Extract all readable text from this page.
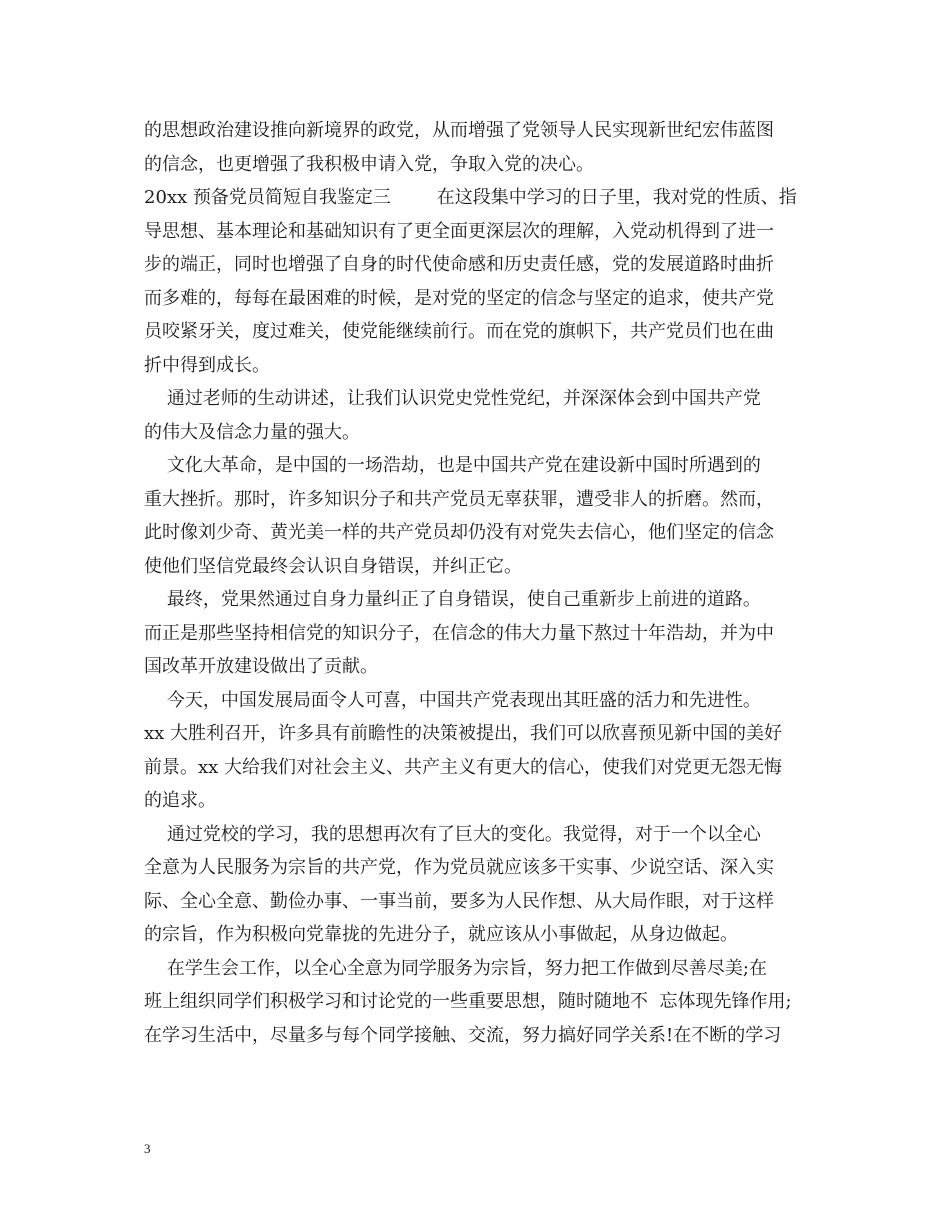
的思想政治建设推向新境界的政党，从而增强了党领导人民实现新世纪宏伟蓝图
的信念，也更增强了我积极申请入党，争取入党的决心。
20xx 预备党员简短自我鉴定三        在这段集中学习的日子里，我对党的性质、指
导思想、基本理论和基础知识有了更全面更深层次的理解，入党动机得到了进一
步的端正，同时也增强了自身的时代使命感和历史责任感，党的发展道路时曲折
而多难的，每每在最困难的时候，是对党的坚定的信念与坚定的追求，使共产党
员咬紧牙关，度过难关，使党能继续前行。而在党的旗帜下，共产党员们也在曲
折中得到成长。
通过老师的生动讲述，让我们认识党史党性党纪，并深深体会到中国共产党
的伟大及信念力量的强大。
文化大革命，是中国的一场浩劫，也是中国共产党在建设新中国时所遇到的
重大挫折。那时，许多知识分子和共产党员无辜获罪，遭受非人的折磨。然而，
此时像刘少奇、黄光美一样的共产党员却仍没有对党失去信心，他们坚定的信念
使他们坚信党最终会认识自身错误，并纠正它。
最终，党果然通过自身力量纠正了自身错误，使自己重新步上前进的道路。
而正是那些坚持相信党的知识分子，在信念的伟大力量下熬过十年浩劫，并为中
国改革开放建设做出了贡献。
今天，中国发展局面令人可喜，中国共产党表现出其旺盛的活力和先进性。
xx 大胜利召开，许多具有前瞻性的决策被提出，我们可以欣喜预见新中国的美好
前景。xx 大给我们对社会主义、共产主义有更大的信心，使我们对党更无怨无悔
的追求。
通过党校的学习，我的思想再次有了巨大的变化。我觉得，对于一个以全心
全意为人民服务为宗旨的共产党，作为党员就应该多干实事、少说空话、深入实
际、全心全意、勤俭办事、一事当前，要多为人民作想、从大局作眼，对于这样
的宗旨，作为积极向党靠拢的先进分子，就应该从小事做起，从身边做起。
在学生会工作，以全心全意为同学服务为宗旨，努力把工作做到尽善尽美;在
班上组织同学们积极学习和讨论党的一些重要思想，随时随地不  忘体现先锋作用;
在学习生活中，尽量多与每个同学接触、交流，努力搞好同学关系!在不断的学习
3
